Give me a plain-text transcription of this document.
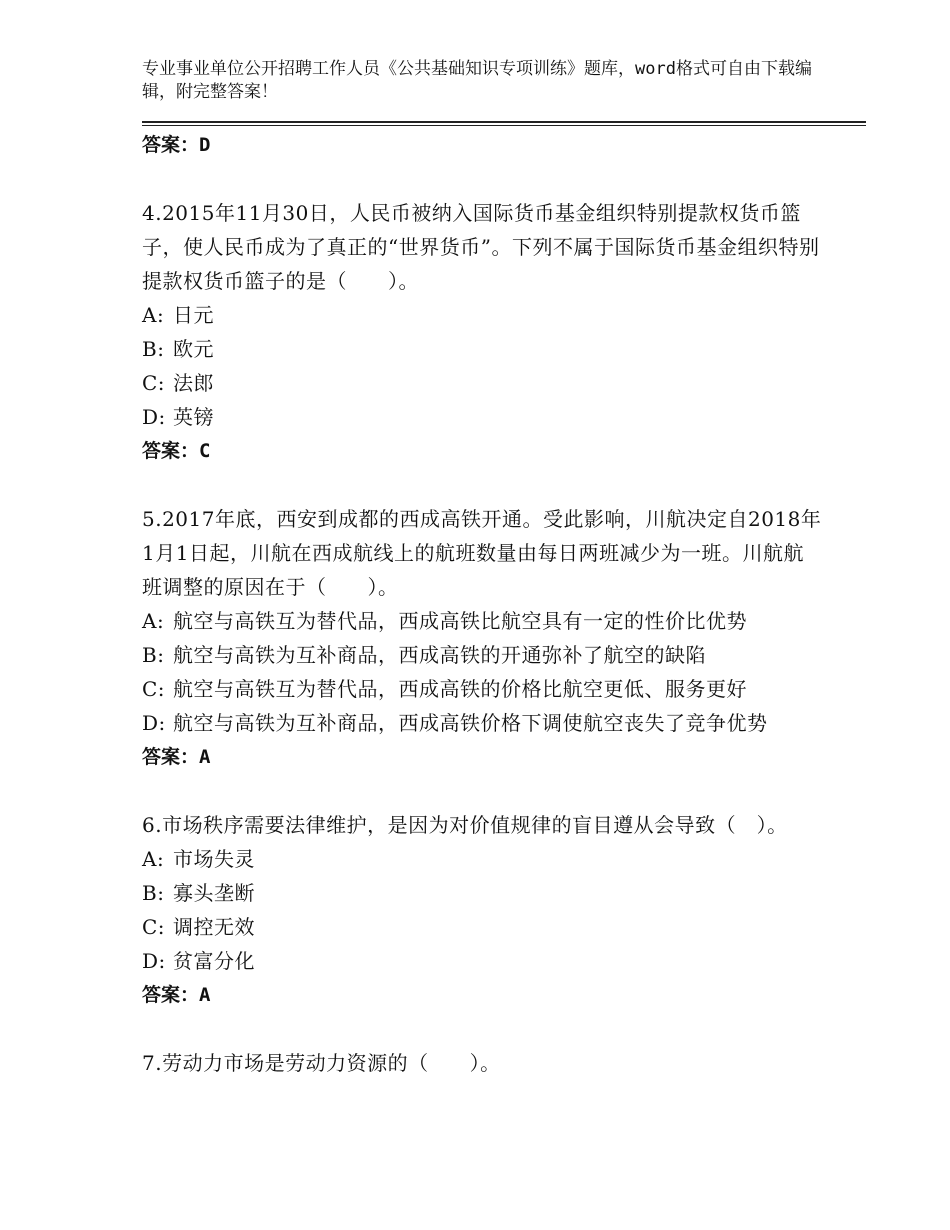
专业事业单位公开招聘工作人员《公共基础知识专项训练》题库，word格式可自由下载编辑，附完整答案！
答案：D
4.2015年11月30日，人民币被纳入国际货币基金组织特别提款权货币篮子，使人民币成为了真正的“世界货币”。下列不属于国际货币基金组织特别提款权货币篮子的是（　　）。
A: 日元
B: 欧元
C: 法郎
D: 英镑
答案：C
5.2017年底，西安到成都的西成高铁开通。受此影响，川航决定自2018年1月1日起，川航在西成航线上的航班数量由每日两班减少为一班。川航航班调整的原因在于（　　）。
A: 航空与高铁互为替代品，西成高铁比航空具有一定的性价比优势
B: 航空与高铁为互补商品，西成高铁的开通弥补了航空的缺陷
C: 航空与高铁互为替代品，西成高铁的价格比航空更低、服务更好
D: 航空与高铁为互补商品，西成高铁价格下调使航空丧失了竞争优势
答案：A
6.市场秩序需要法律维护，是因为对价值规律的盲目遵从会导致（　）。
A: 市场失灵
B: 寡头垄断
C: 调控无效
D: 贫富分化
答案：A
7.劳动力市场是劳动力资源的（　　）。
